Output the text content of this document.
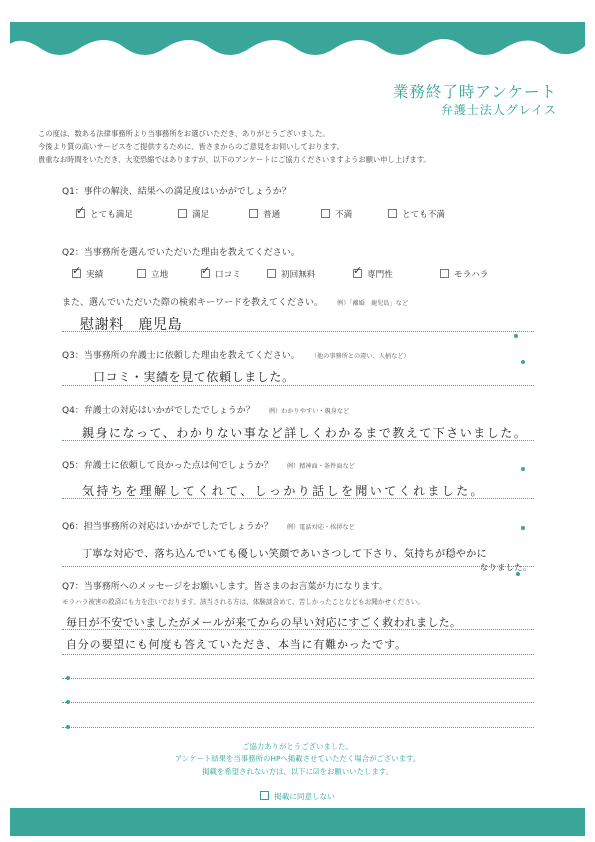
業務終了時アンケート
弁護士法人グレイス
この度は、数ある法律事務所より当事務所をお選びいただき、ありがとうございました。
今後より質の高いサービスをご提供するために、皆さまからのご意見をお伺いしております。
貴重なお時間をいただき、大変恐縮ではありますが、以下のアンケートにご協力くださいますようお願い申し上げます。
Q1：事件の解決、結果への満足度はいかがでしょうか？
✓とても満足	満足	普通	不満	とても不満
Q2：当事務所を選んでいただいた理由を教えてください。
✓実績	立地 ✓	口コミ	初回無料 ✓	専門性	モラハラ
また、選んでいただいた際の検索キーワードを教えてください。 例）「離婚　鹿児島」など
慰謝料　鹿児島
Q3：当事務所の弁護士に依頼した理由を教えてください。 （他の事務所との違い、人柄など）
口コミ・実績を見て依頼しました。
Q4：弁護士の対応はいかがでしたでしょうか？ 例）わかりやすい・親身など
親身になって、わかりない事など詳しくわかるまで教えて下さいました。
Q5：弁護士に依頼して良かった点は何でしょうか？ 例）精神面・条件面など
気持ちを理解してくれて、しっかり話しを聞いてくれました。
Q6：担当事務所の対応はいかがでしたでしょうか？ 例）電話対応・挨拶など
丁寧な対応で、落ち込んでいても優しい笑顔であいさつして下さり、気持ちが穏やかに
なりました。
Q7：当事務所へのメッセージをお願いします。皆さまのお言葉が力になります。
モラハラ被害の救済にも力を注いでおります。該当される方は、体験談含めて、苦しかったことなどもお聞かせください。
毎日が不安でいましたがメールが来てからの早い対応にすごく救われました。
自分の要望にも何度も答えていただき、本当に有難かったです。
ご協力ありがとうございました。
アンケート結果を当事務所のHPへ掲載させていただく場合がございます。
掲載を希望されない方は、以下に☑をお願いいたします。
掲載に同意しない
